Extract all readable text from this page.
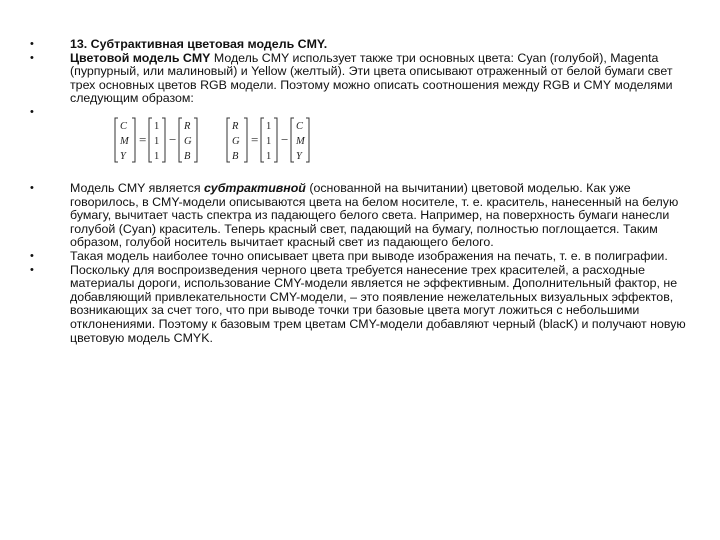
•	13. Субтрактивная цветовая модель CMY.
•	Цветовой модель CMY Модель CMY использует также три основных цвета: Cyan (голубой), Magenta (пурпурный, или малиновый) и Yellow (желтый). Эти цвета описывают отраженный от белой бумаги свет трех основных цветов RGB модели. Поэтому можно описать соотношения между RGB и CMY моделями следующим образом:
•
C
M
Y
=
1
1
1
−
R
G
B
R
G
B
=
1
1
1
−
C
M
Y
•	Модель CMY является субтрактивной (основанной на вычитании) цветовой моделью. Как уже говорилось, в CMY-модели описываются цвета на белом носителе, т. е. краситель, нанесенный на белую бумагу, вычитает часть спектра из падающего белого света. Например, на поверхность бумаги нанесли голубой (Cyan) краситель. Теперь красный свет, падающий на бумагу, полностью поглощается. Таким образом, голубой носитель вычитает красный свет из падающего белого.
•	Такая модель наиболее точно описывает цвета при выводе изображения на печать, т. е. в полиграфии.
•	Поскольку для воспроизведения черного цвета требуется нанесение трех красителей, а расходные материалы дороги, использование CMY-модели является не эффективным. Дополнительный фактор, не добавляющий привлекательности CMY-модели, – это появление нежелательных визуальных эффектов, возникающих за счет того, что при выводе точки три базовые цвета могут ложиться с небольшими отклонениями. Поэтому к базовым трем цветам CMY-модели добавляют черный (blacK) и получают новую цветовую модель CMYK.
